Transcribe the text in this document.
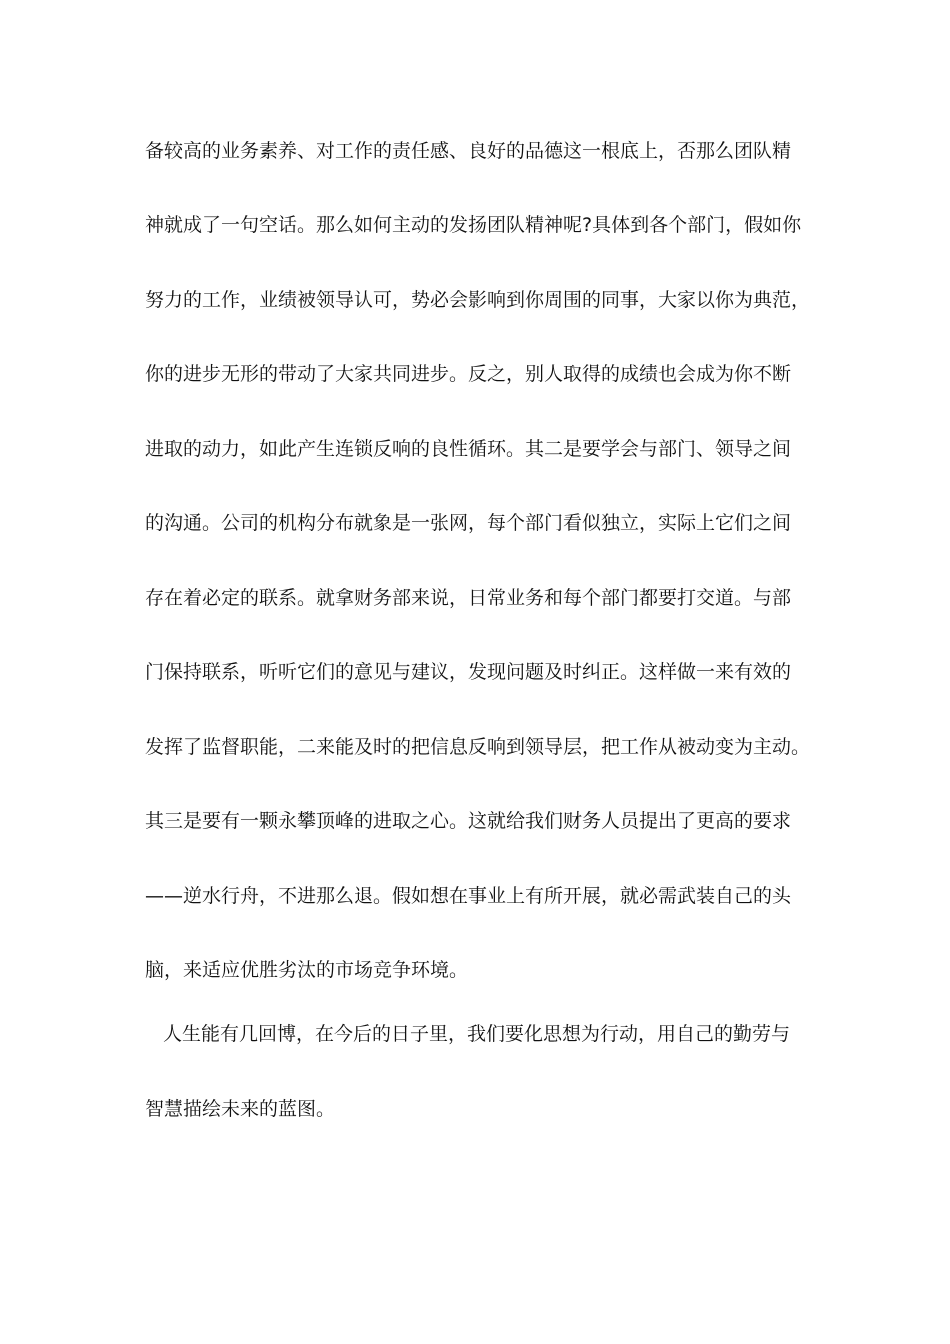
备较高的业务素养、对工作的责任感、良好的品德这一根底上，否那么团队精
神就成了一句空话。那么如何主动的发扬团队精神呢?具体到各个部门，假如你
努力的工作，业绩被领导认可，势必会影响到你周围的同事，大家以你为典范，
你的进步无形的带动了大家共同进步。反之，别人取得的成绩也会成为你不断
进取的动力，如此产生连锁反响的良性循环。其二是要学会与部门、领导之间
的沟通。公司的机构分布就象是一张网，每个部门看似独立，实际上它们之间
存在着必定的联系。就拿财务部来说，日常业务和每个部门都要打交道。与部
门保持联系，听听它们的意见与建议，发现问题及时纠正。这样做一来有效的
发挥了监督职能，二来能及时的把信息反响到领导层，把工作从被动变为主动。
其三是要有一颗永攀顶峰的进取之心。这就给我们财务人员提出了更高的要求
——逆水行舟，不进那么退。假如想在事业上有所开展，就必需武装自己的头
脑，来适应优胜劣汰的市场竞争环境。
人生能有几回博，在今后的日子里，我们要化思想为行动，用自己的勤劳与
智慧描绘未来的蓝图。
